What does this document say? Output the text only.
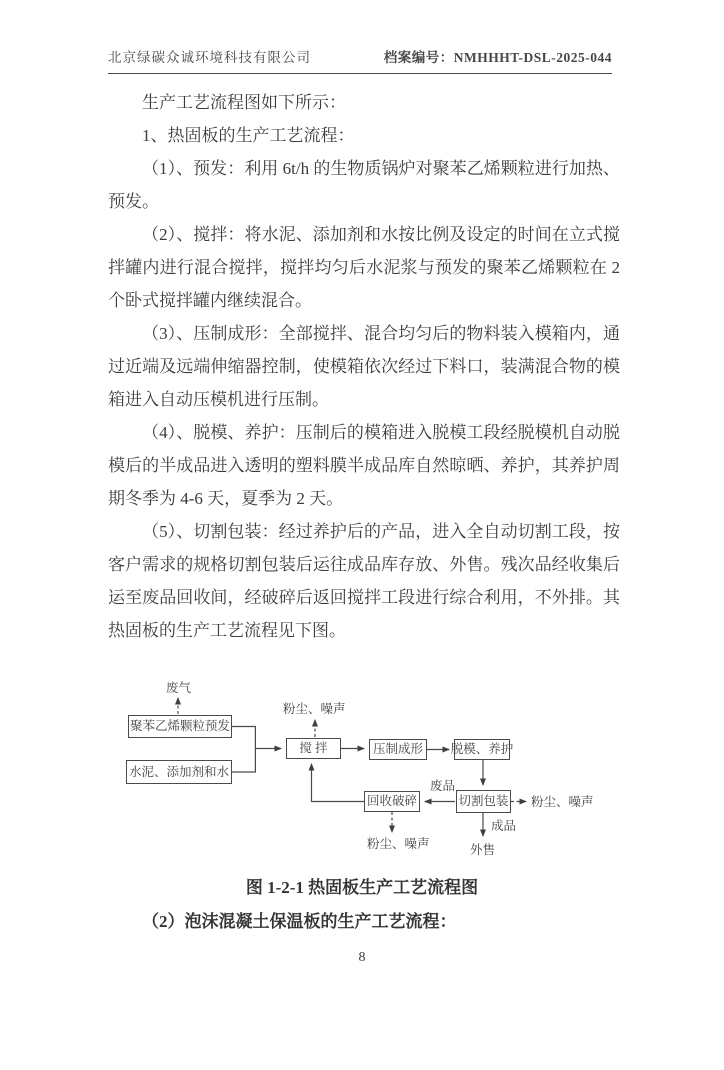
北京绿碳众诚环境科技有限公司	档案编号：NMHHHT-DSL-2025-044

生产工艺流程图如下所示：

1、热固板的生产工艺流程：

（1）、预发：利用 6t/h 的生物质锅炉对聚苯乙烯颗粒进行加热、预发。

（2）、搅拌：将水泥、添加剂和水按比例及设定的时间在立式搅拌罐内进行混合搅拌，搅拌均匀后水泥浆与预发的聚苯乙烯颗粒在 2 个卧式搅拌罐内继续混合。

（3）、压制成形：全部搅拌、混合均匀后的物料装入模箱内，通过近端及远端伸缩器控制，使模箱依次经过下料口，装满混合物的模箱进入自动压模机进行压制。

（4）、脱模、养护：压制后的模箱进入脱模工段经脱模机自动脱模后的半成品进入透明的塑料膜半成品库自然晾晒、养护，其养护周期冬季为 4-6 天，夏季为 2 天。

（5）、切割包装：经过养护后的产品，进入全自动切割工段，按客户需求的规格切割包装后运往成品库存放、外售。残次品经收集后运至废品回收间，经破碎后返回搅拌工段进行综合利用，不外排。其热固板的生产工艺流程见下图。

聚苯乙烯颗粒预发
水泥、添加剂和水
搅 拌	压制成形	脱模、养护
切割包装
回收破碎
废气
粉尘、噪声
粉尘、噪声
粉尘、噪声
废品
成品
外售
图 1-2-1 热固板生产工艺流程图

（2）泡沫混凝土保温板的生产工艺流程：

8
